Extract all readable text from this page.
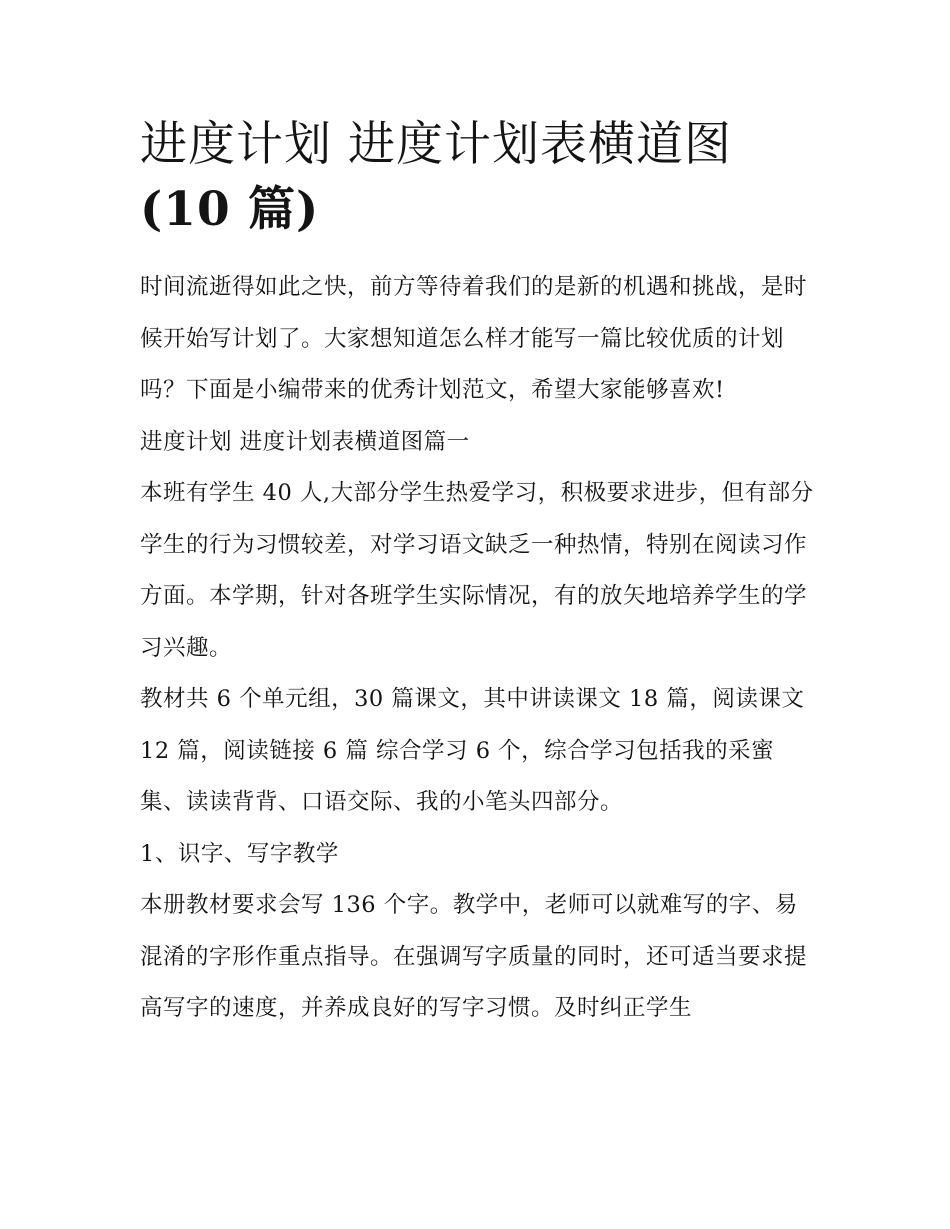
进度计划 进度计划表横道图
(10 篇)

时间流逝得如此之快，前方等待着我们的是新的机遇和挑战，是时候开始写计划了。大家想知道怎么样才能写一篇比较优质的计划吗？下面是小编带来的优秀计划范文，希望大家能够喜欢!

进度计划 进度计划表横道图篇一

本班有学生 40 人,大部分学生热爱学习，积极要求进步，但有部分学生的行为习惯较差，对学习语文缺乏一种热情，特别在阅读习作方面。本学期，针对各班学生实际情况，有的放矢地培养学生的学习兴趣。

教材共 6 个单元组，30 篇课文，其中讲读课文 18 篇，阅读课文 12 篇，阅读链接 6 篇 综合学习 6 个，综合学习包括我的采蜜集、读读背背、口语交际、我的小笔头四部分。

1、识字、写字教学

本册教材要求会写 136 个字。教学中，老师可以就难写的字、易混淆的字形作重点指导。在强调写字质量的同时，还可适当要求提高写字的速度，并养成良好的写字习惯。及时纠正学生
